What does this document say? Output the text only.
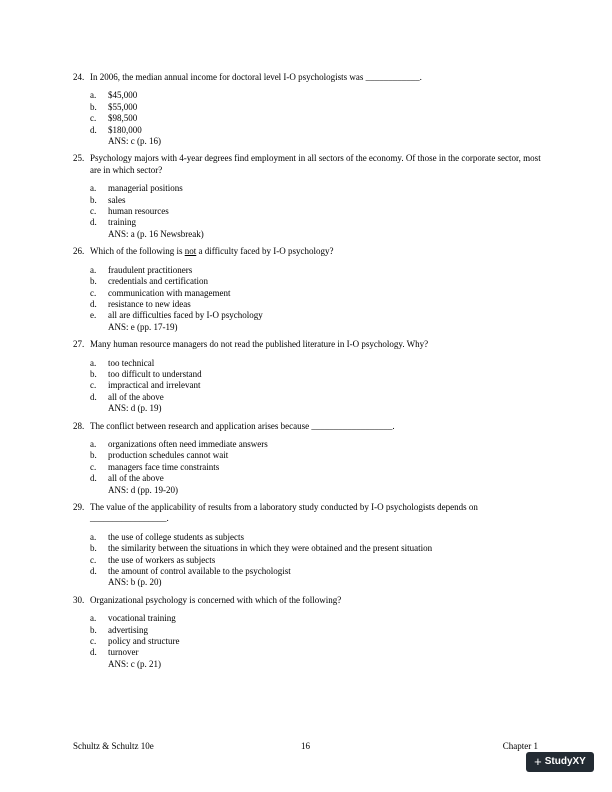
24. In 2006, the median annual income for doctoral level I-O psychologists was ____________.
a.	$45,000
b.	$55,000
c.	$98,500
d.	$180,000
ANS: c (p. 16)
25. Psychology majors with 4-year degrees find employment in all sectors of the economy. Of those in the corporate sector, most are in which sector?
a.	managerial positions
b.	sales
c.	human resources
d.	training
ANS: a (p. 16 Newsbreak)
26. Which of the following is not a difficulty faced by I-O psychology?
a.	fraudulent practitioners
b.	credentials and certification
c.	communication with management
d.	resistance to new ideas
e.	all are difficulties faced by I-O psychology
ANS: e (pp. 17-19)
27. Many human resource managers do not read the published literature in I-O psychology. Why?
a.	too technical
b.	too difficult to understand
c.	impractical and irrelevant
d.	all of the above
ANS: d (p. 19)
28. The conflict between research and application arises because __________________.
a.	organizations often need immediate answers
b.	production schedules cannot wait
c.	managers face time constraints
d.	all of the above
ANS: d (pp. 19-20)
29. The value of the applicability of results from a laboratory study conducted by I-O psychologists depends on _________________.
a.	the use of college students as subjects
b.	the similarity between the situations in which they were obtained and the present situation
c.	the use of workers as subjects
d.	the amount of control available to the psychologist
ANS: b (p. 20)
30. Organizational psychology is concerned with which of the following?
a.	vocational training
b.	advertising
c.	policy and structure
d.	turnover
ANS: c (p. 21)
Schultz & Schultz 10e	16	Chapter 1
+ StudyXY
